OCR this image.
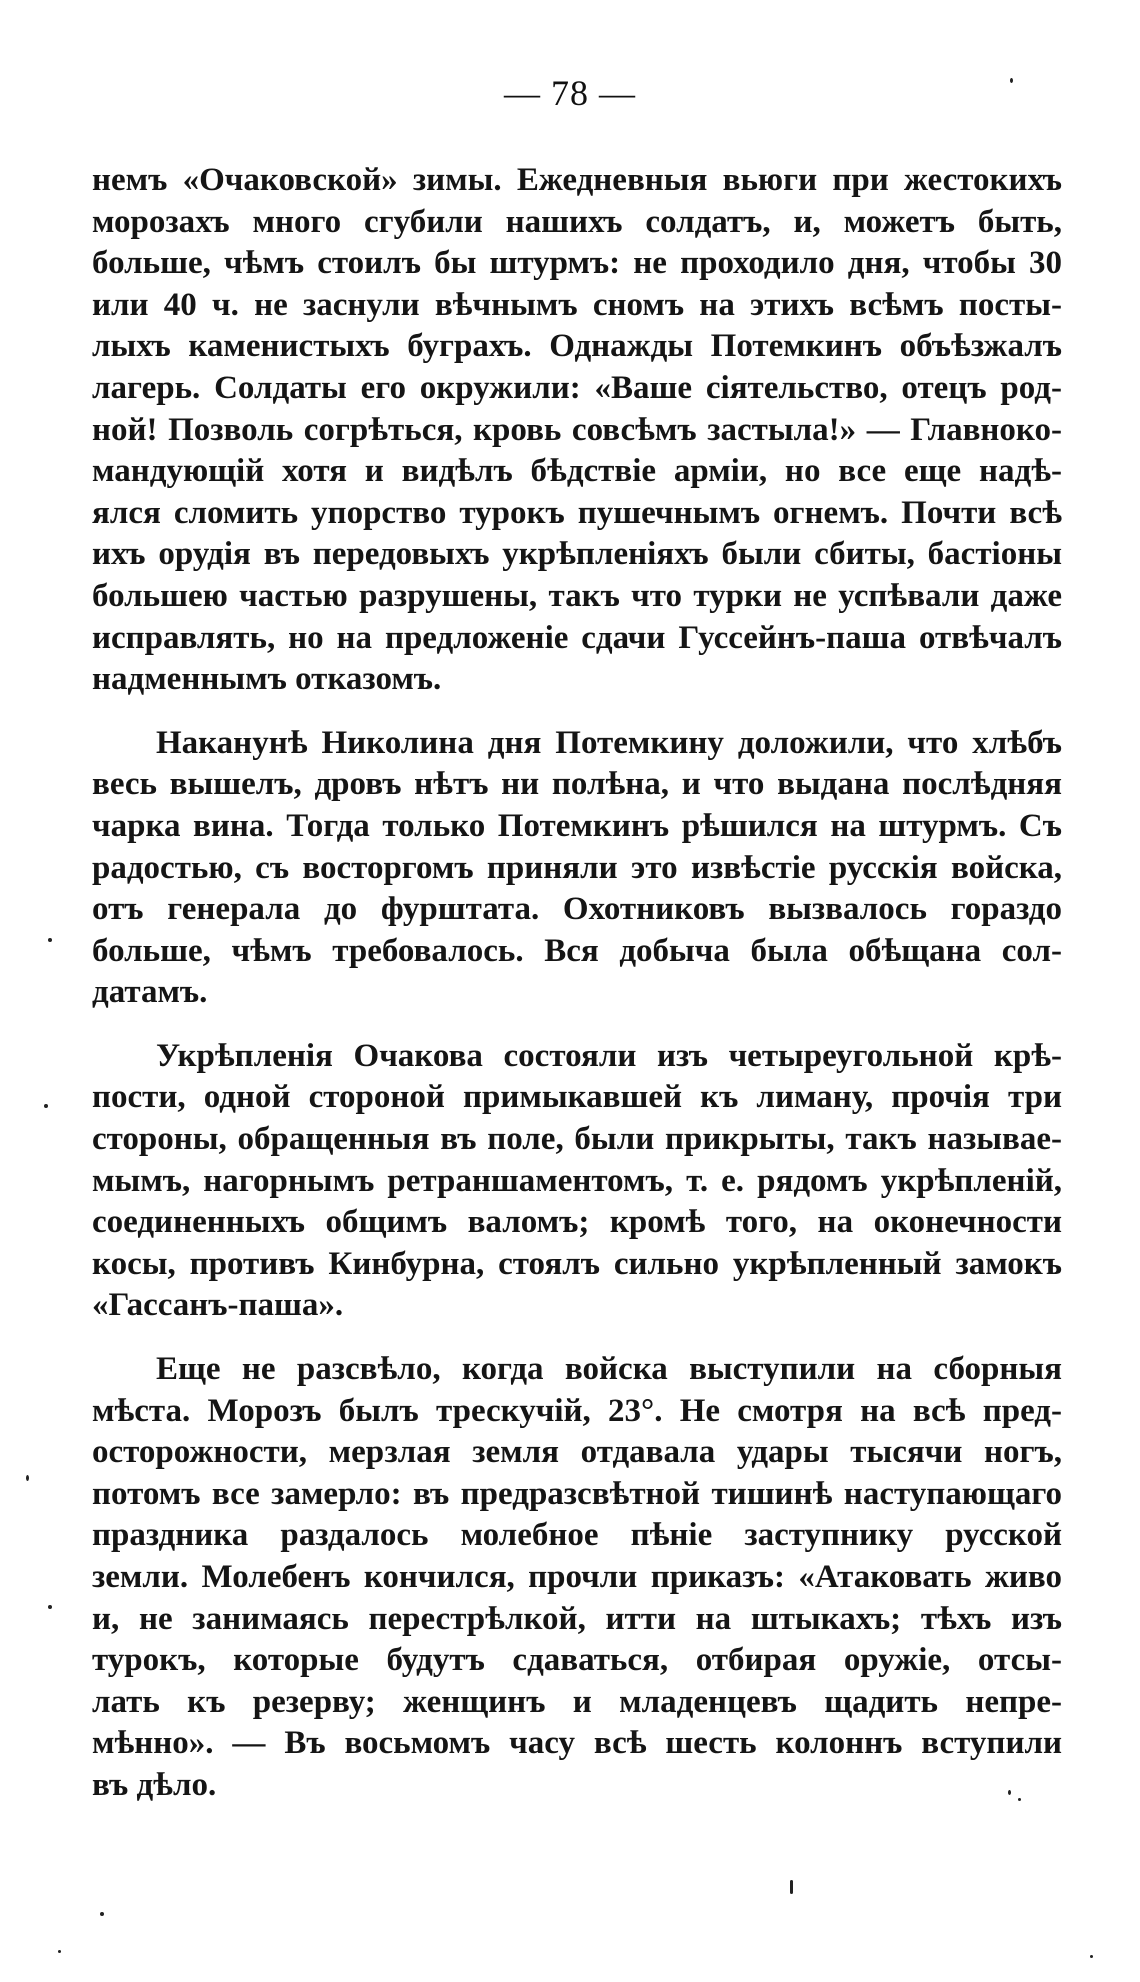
— 78 —
немъ «Очаковской» зимы. Ежедневныя вьюги при жестокихъ
морозахъ много сгубили нашихъ солдатъ, и, можетъ быть,
больше, чѣмъ стоилъ бы штурмъ: не проходило дня, чтобы 30
или 40 ч. не заснули вѣчнымъ сномъ на этихъ всѣмъ посты-
лыхъ каменистыхъ буграхъ. Однажды Потемкинъ объѣзжалъ
лагерь. Солдаты его окружили: «Ваше сіятельство, отецъ род-
ной! Позволь согрѣться, кровь совсѣмъ застыла!» — Главноко-
мандующій хотя и видѣлъ бѣдствіе арміи, но все еще надѣ-
ялся сломить упорство турокъ пушечнымъ огнемъ. Почти всѣ
ихъ орудія въ передовыхъ укрѣпленіяхъ были сбиты, бастіоны
большею частью разрушены, такъ что турки не успѣвали даже
исправлять, но на предложеніе сдачи Гуссейнъ-паша отвѣчалъ
надменнымъ отказомъ.
Наканунѣ Николина дня Потемкину доложили, что хлѣбъ
весь вышелъ, дровъ нѣтъ ни полѣна, и что выдана послѣдняя
чарка вина. Тогда только Потемкинъ рѣшился на штурмъ. Съ
радостью, съ восторгомъ приняли это извѣстіе русскія войска,
отъ генерала до фурштата. Охотниковъ вызвалось гораздо
больше, чѣмъ требовалось. Вся добыча была обѣщана сол-
датамъ.
Укрѣпленія Очакова состояли изъ четыреугольной крѣ-
пости, одной стороной примыкавшей къ лиману, прочія три
стороны, обращенныя въ поле, были прикрыты, такъ называе-
мымъ, нагорнымъ ретраншаментомъ, т. е. рядомъ укрѣпленій,
соединенныхъ общимъ валомъ; кромѣ того, на оконечности
косы, противъ Кинбурна, стоялъ сильно укрѣпленный замокъ
«Гассанъ-паша».
Еще не разсвѣло, когда войска выступили на сборныя
мѣста. Морозъ былъ трескучій, 23°. Не смотря на всѣ пред-
осторожности, мерзлая земля отдавала удары тысячи ногъ,
потомъ все замерло: въ предразсвѣтной тишинѣ наступающаго
праздника раздалось молебное пѣніе заступнику русской
земли. Молебенъ кончился, прочли приказъ: «Атаковать живо
и, не занимаясь перестрѣлкой, итти на штыкахъ; тѣхъ изъ
турокъ, которые будутъ сдаваться, отбирая оружіе, отсы-
лать къ резерву; женщинъ и младенцевъ щадить непре-
мѣнно». — Въ восьмомъ часу всѣ шесть колоннъ вступили
въ дѣло.
